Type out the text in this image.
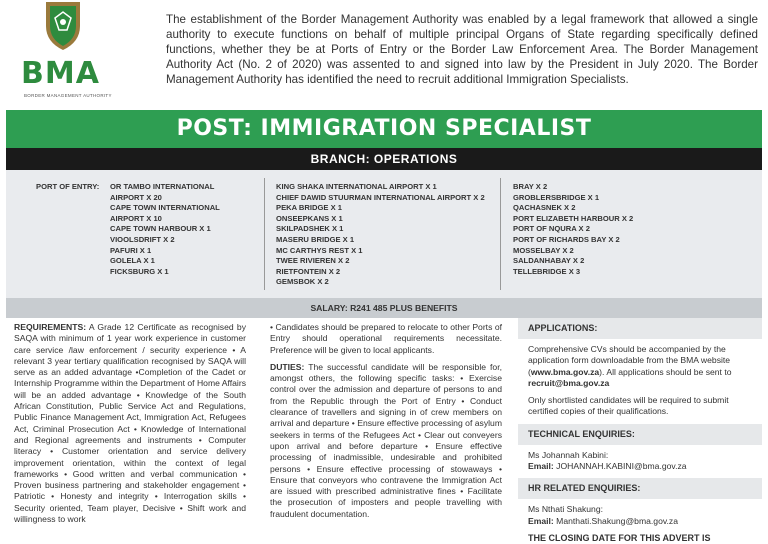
BMA
BORDER MANAGEMENT AUTHORITY
The establishment of the Border Management Authority was enabled by a legal framework that allowed a single authority to execute functions on behalf of multiple principal Organs of State regarding specifically defined functions, whether they be at Ports of Entry or the Border Law Enforcement Area. The Border Management Authority Act (No. 2 of 2020) was assented to and signed into law by the President in July 2020. The Border Management Authority has identified the need to recruit additional Immigration Specialists.
POST: IMMIGRATION SPECIALIST
BRANCH: OPERATIONS
PORT OF ENTRY: OR TAMBO INTERNATIONAL
AIRPORT X 20
CAPE TOWN INTERNATIONAL
AIRPORT X 10
CAPE TOWN HARBOUR X 1
VIOOLSDRIFT X 2
PAFURI X 1
GOLELA X 1
FICKSBURG X 1
KING SHAKA INTERNATIONAL AIRPORT X 1
CHIEF DAWID STUURMAN INTERNATIONAL AIRPORT X 2
PEKA BRIDGE X 1
ONSEEPKANS X 1
SKILPADSHEK X 1
MASERU BRIDGE X 1
MC CARTHYS REST X 1
TWEE RIVIEREN X 2
RIETFONTEIN X 2
GEMSBOK X 2
BRAY X 2
GROBLERSBRIDGE X 1
QACHASNEK X 2
PORT ELIZABETH HARBOUR X 2
PORT OF NQURA X 2
PORT OF RICHARDS BAY X 2
MOSSELBAY X 2
SALDANHABAY X 2
TELLEBRIDGE X 3
SALARY: R241 485 PLUS BENEFITS

REQUIREMENTS: A Grade 12 Certificate as recognised by SAQA with minimum of 1 year work experience in customer care service /law enforcement / security experience • A relevant 3 year tertiary qualification recognised by SAQA will serve as an added advantage •Completion of the Cadet or Internship Programme within the Department of Home Affairs will be an added advantage • Knowledge of the South African Constitution, Public Service Act and Regulations, Public Finance Management Act, Immigration Act, Refugees Act, Criminal Prosecution Act • Knowledge of International and Regional agreements and instruments • Computer literacy • Customer orientation and service delivery improvement orientation, within the context of legal frameworks • Good written and verbal communication • Proven business partnering and stakeholder engagement • Patriotic • Honesty and integrity • Interrogation skills • Security oriented, Team player, Decisive • Shift work and willingness to work

• Candidates should be prepared to relocate to other Ports of Entry should operational requirements necessitate. Preference will be given to local applicants.

DUTIES: The successful candidate will be responsible for, amongst others, the following specific tasks: • Exercise control over the admission and departure of persons to and from the Republic through the Port of Entry • Conduct clearance of travellers and signing in of crew members on arrival and departure • Ensure effective processing of asylum seekers in terms of the Refugees Act • Clear out conveyers upon arrival and before departure • Ensure effective processing of inadmissible, undesirable and prohibited persons • Ensure effective processing of stowaways • Ensure that conveyors who contravene the Immigration Act are issued with prescribed administrative fines • Facilitate the prosecution of imposters and people travelling with fraudulent documentation.

APPLICATIONS:

Comprehensive CVs should be accompanied by the application form downloadable from the BMA website (www.bma.gov.za). All applications should be sent to recruit@bma.gov.za

Only shortlisted candidates will be required to submit certified copies of their qualifications.

TECHNICAL ENQUIRIES:

Ms Johannah Kabini:
Email: JOHANNAH.KABINI@bma.gov.za

HR RELATED ENQUIRIES:

Ms Nthati Shakung:
Email: Manthati.Shakung@bma.gov.za

THE CLOSING DATE FOR THIS ADVERT IS
